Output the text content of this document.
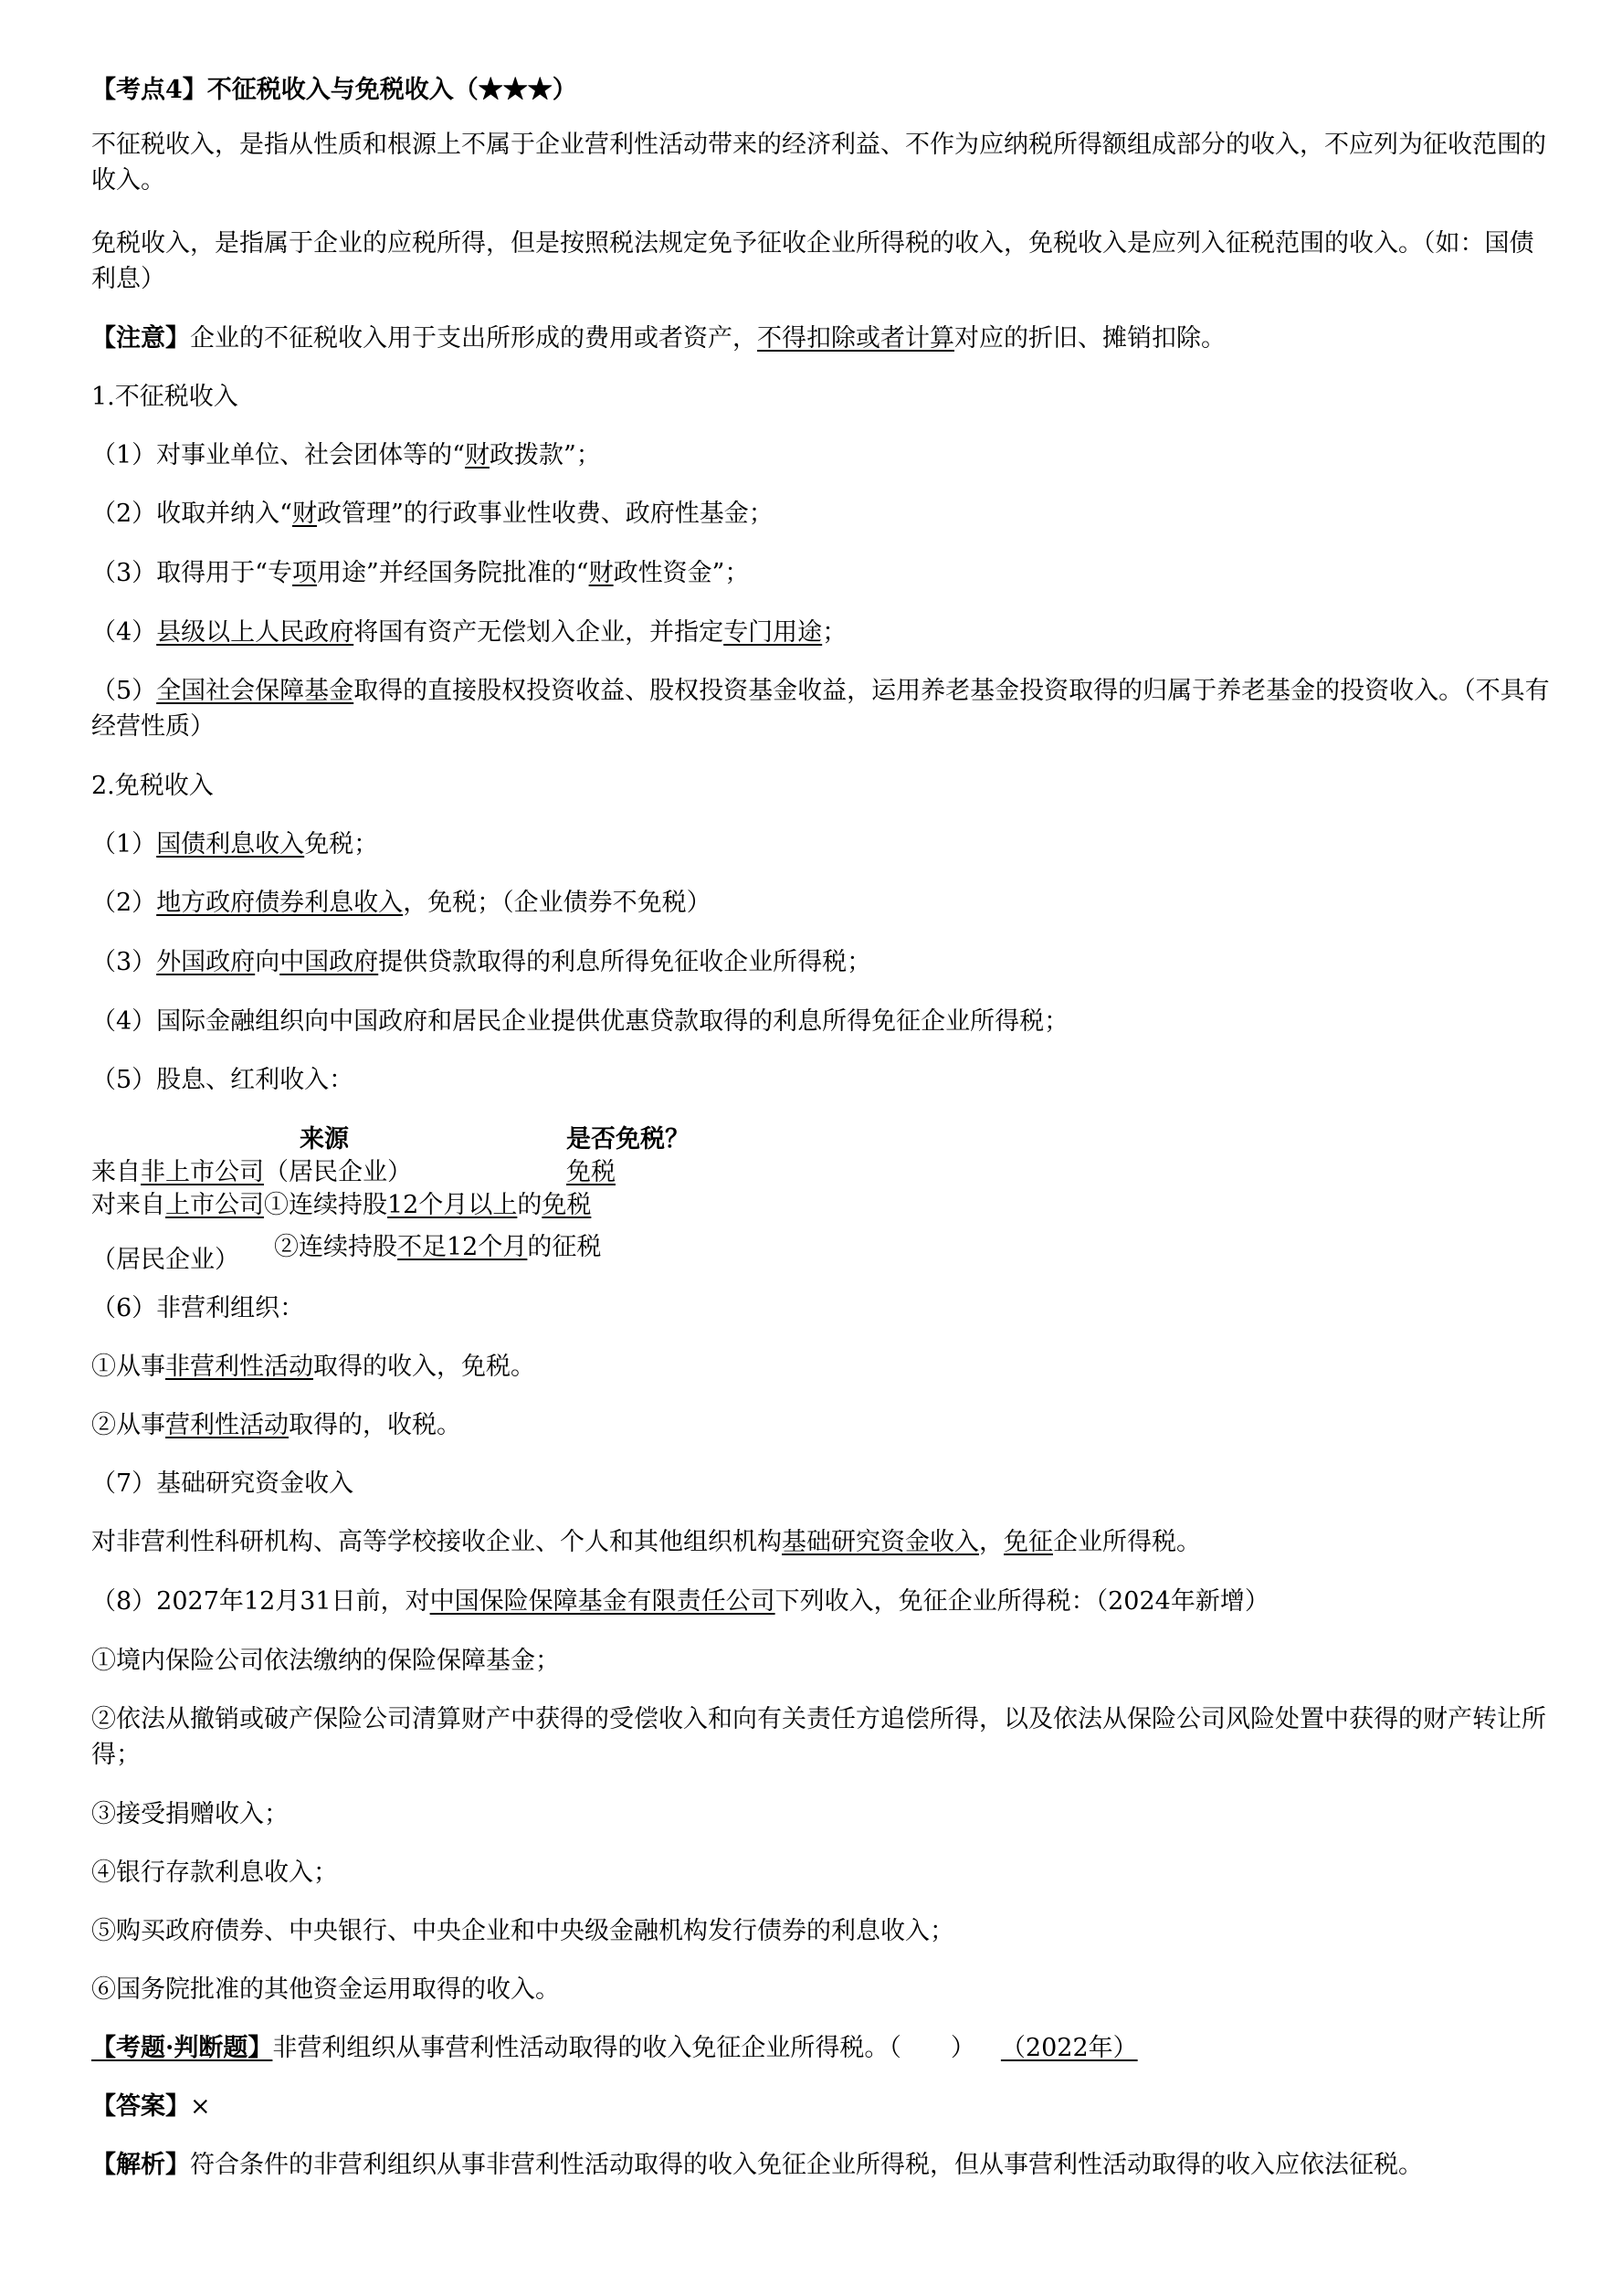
【考点4】不征税收入与免税收入（★★★）
不征税收入，是指从性质和根源上不属于企业营利性活动带来的经济利益、不作为应纳税所得额组成部分的收入，不应列为征收范围的收入。
免税收入，是指属于企业的应税所得，但是按照税法规定免予征收企业所得税的收入，免税收入是应列入征税范围的收入。（如：国债利息）
【注意】企业的不征税收入用于支出所形成的费用或者资产，不得扣除或者计算对应的折旧、摊销扣除。
1.不征税收入
（1）对事业单位、社会团体等的“财政拨款”；
（2）收取并纳入“财政管理”的行政事业性收费、政府性基金；
（3）取得用于“专项用途”并经国务院批准的“财政性资金”；
（4）县级以上人民政府将国有资产无偿划入企业，并指定专门用途；
（5）全国社会保障基金取得的直接股权投资收益、股权投资基金收益，运用养老基金投资取得的归属于养老基金的投资收入。（不具有经营性质）
2.免税收入
（1）国债利息收入免税；
（2）地方政府债券利息收入，免税；（企业债券不免税）
（3）外国政府向中国政府提供贷款取得的利息所得免征收企业所得税；
（4）国际金融组织向中国政府和居民企业提供优惠贷款取得的利息所得免征企业所得税；
（5）股息、红利收入：
来源	是否免税？
来自非上市公司（居民企业）	免税
对来自上市公司①连续持股12个月以上的免税
（居民企业） ②连续持股不足12个月的征税
（6）非营利组织：
①从事非营利性活动取得的收入，免税。
②从事营利性活动取得的，收税。
（7）基础研究资金收入
对非营利性科研机构、高等学校接收企业、个人和其他组织机构基础研究资金收入，免征企业所得税。
（8）2027年12月31日前，对中国保险保障基金有限责任公司下列收入，免征企业所得税：（2024年新增）
①境内保险公司依法缴纳的保险保障基金；
②依法从撤销或破产保险公司清算财产中获得的受偿收入和向有关责任方追偿所得，以及依法从保险公司风险处置中获得的财产转让所得；
③接受捐赠收入；
④银行存款利息收入；
⑤购买政府债券、中央银行、中央企业和中央级金融机构发行债券的利息收入；
⑥国务院批准的其他资金运用取得的收入。
【考题·判断题】非营利组织从事营利性活动取得的收入免征企业所得税。（　　） （2022年）
【答案】×
【解析】符合条件的非营利组织从事非营利性活动取得的收入免征企业所得税，但从事营利性活动取得的收入应依法征税。
